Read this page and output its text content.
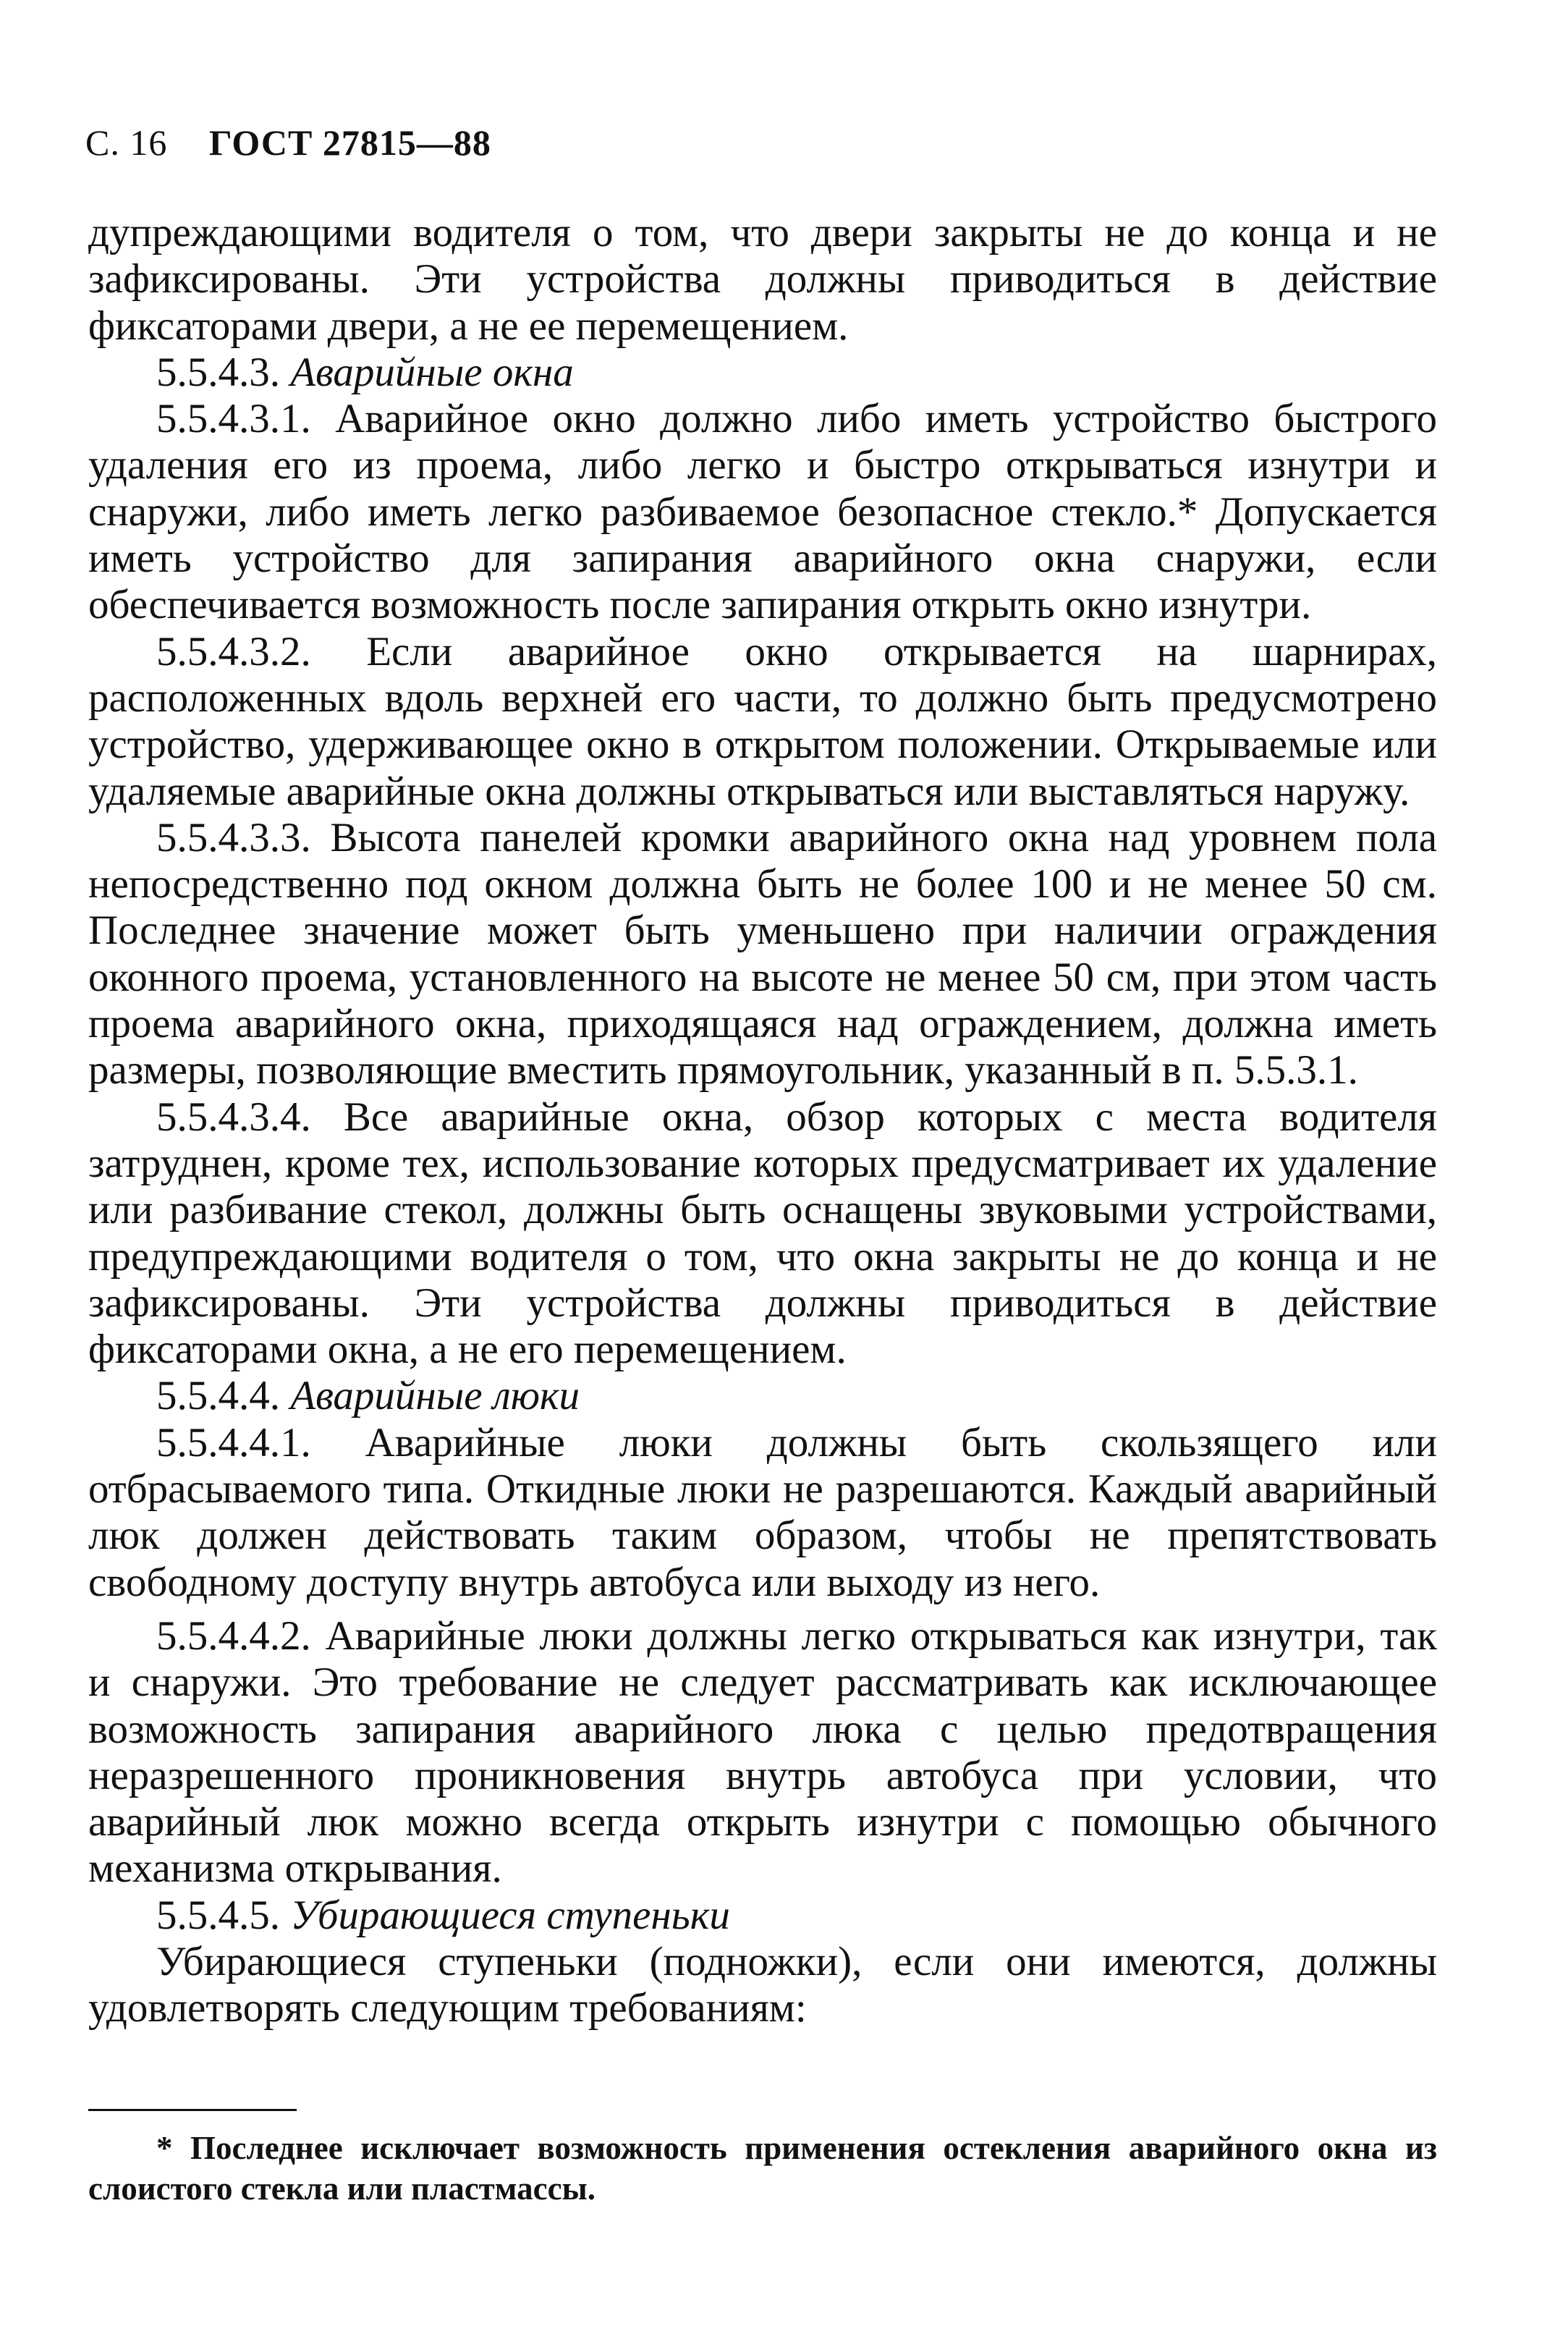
С. 16 ГОСТ 27815—88

дупреждающими водителя о том, что двери закрыты не до конца и не зафиксированы. Эти устройства должны приводиться в действие фиксаторами двери, а не ее перемещением.

5.5.4.3. Аварийные окна

5.5.4.3.1. Аварийное окно должно либо иметь устройство быстрого удаления его из проема, либо легко и быстро открываться изнутри и снаружи, либо иметь легко разбиваемое безопасное стекло.* Допускается иметь устройство для запирания аварийного окна снаружи, если обеспечивается возможность после запирания открыть окно изнутри.

5.5.4.3.2. Если аварийное окно открывается на шарнирах, расположенных вдоль верхней его части, то должно быть предусмотрено устройство, удерживающее окно в открытом положении. Открываемые или удаляемые аварийные окна должны открываться или выставляться наружу.

5.5.4.3.3. Высота панелей кромки аварийного окна над уровнем пола непосредственно под окном должна быть не более 100 и не менее 50 см. Последнее значение может быть уменьшено при наличии ограждения оконного проема, установленного на высоте не менее 50 см, при этом часть проема аварийного окна, приходящаяся над ограждением, должна иметь размеры, позволяющие вместить прямоугольник, указанный в п. 5.5.3.1.

5.5.4.3.4. Все аварийные окна, обзор которых с места водителя затруднен, кроме тех, использование которых предусматривает их удаление или разбивание стекол, должны быть оснащены звуковыми устройствами, предупреждающими водителя о том, что окна закрыты не до конца и не зафиксированы. Эти устройства должны приводиться в действие фиксаторами окна, а не его перемещением.

5.5.4.4. Аварийные люки

5.5.4.4.1. Аварийные люки должны быть скользящего или отбрасываемого типа. Откидные люки не разрешаются. Каждый аварийный люк должен действовать таким образом, чтобы не препятствовать свободному доступу внутрь автобуса или выходу из него.

5.5.4.4.2. Аварийные люки должны легко открываться как изнутри, так и снаружи. Это требование не следует рассматривать как исключающее возможность запирания аварийного люка с целью предотвращения неразрешенного проникновения внутрь автобуса при условии, что аварийный люк можно всегда открыть изнутри с помощью обычного механизма открывания.

5.5.4.5. Убирающиеся ступеньки

Убирающиеся ступеньки (подножки), если они имеются, должны удовлетворять следующим требованиям:

* Последнее исключает возможность применения остекления аварийного окна из слоистого стекла или пластмассы.
